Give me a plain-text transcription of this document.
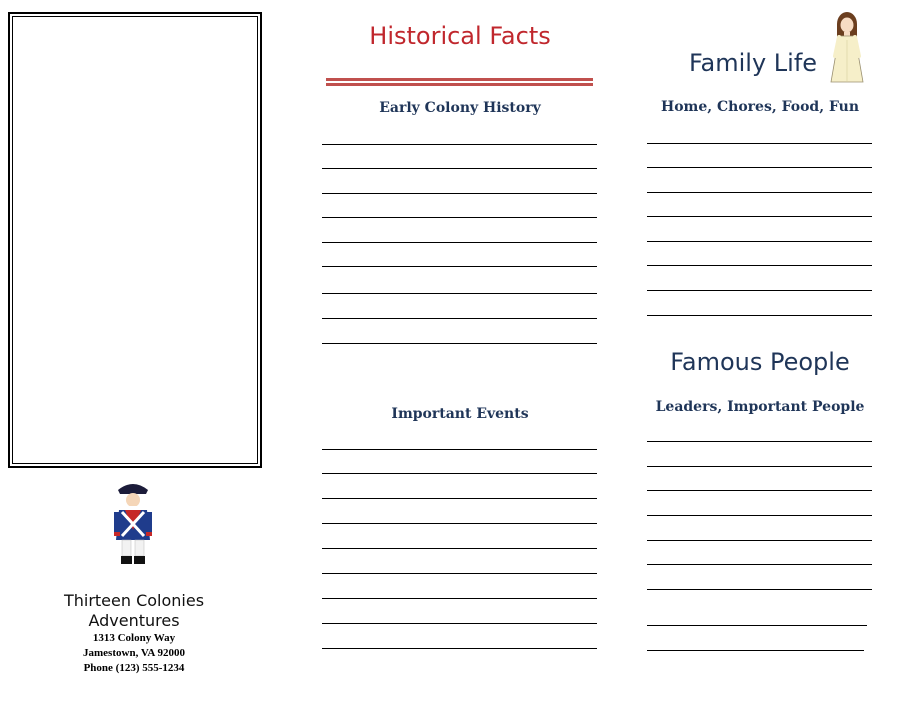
Thirteen Colonies
Adventures
1313 Colony Way
Jamestown, VA 92000
Phone (123) 555-1234
Historical Facts
Early Colony History
Important Events
Family Life
Home, Chores, Food, Fun
Famous People
Leaders, Important People
